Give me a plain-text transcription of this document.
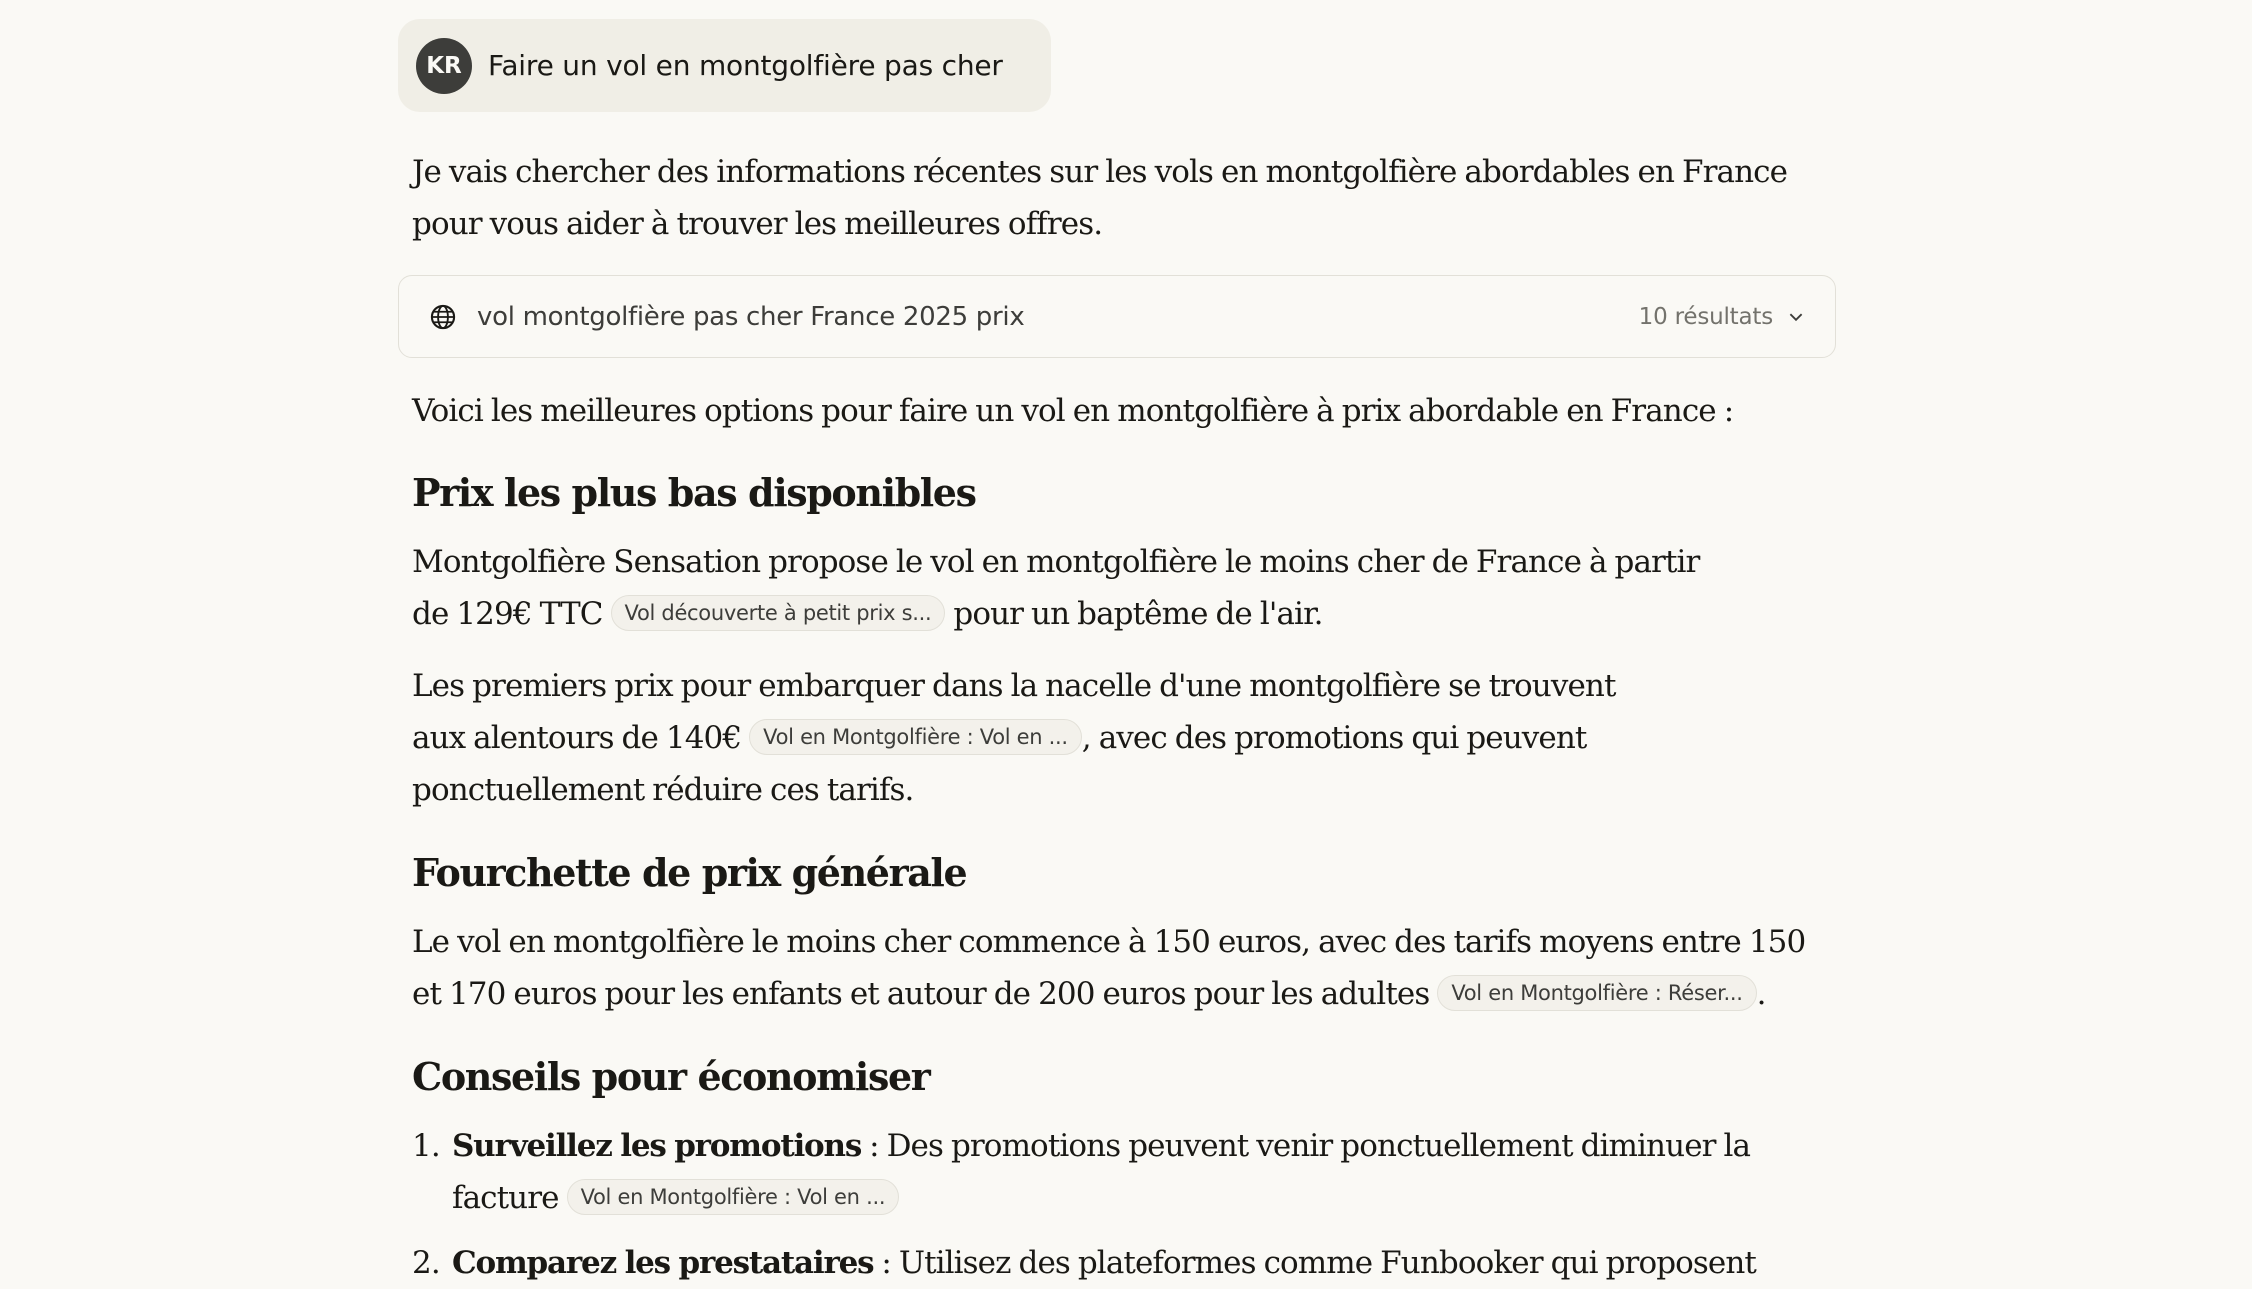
KR Faire un vol en montgolfière pas cher
Je vais chercher des informations récentes sur les vols en montgolfière abordables en France pour vous aider à trouver les meilleures offres.
vol montgolfière pas cher France 2025 prix	10 résultats
Voici les meilleures options pour faire un vol en montgolfière à prix abordable en France :
Prix les plus bas disponibles
Montgolfière Sensation propose le vol en montgolfière le moins cher de France à partir de 129€ TTC Vol découverte à petit prix s... pour un baptême de l'air.
Les premiers prix pour embarquer dans la nacelle d'une montgolfière se trouvent aux alentours de 140€ Vol en Montgolfière : Vol en ... , avec des promotions qui peuvent ponctuellement réduire ces tarifs.
Fourchette de prix générale
Le vol en montgolfière le moins cher commence à 150 euros, avec des tarifs moyens entre 150 et 170 euros pour les enfants et autour de 200 euros pour les adultes Vol en Montgolfière : Réser... .
Conseils pour économiser
1. Surveillez les promotions : Des promotions peuvent venir ponctuellement diminuer la facture Vol en Montgolfière : Vol en ...
2. Comparez les prestataires : Utilisez des plateformes comme Funbooker qui proposent
